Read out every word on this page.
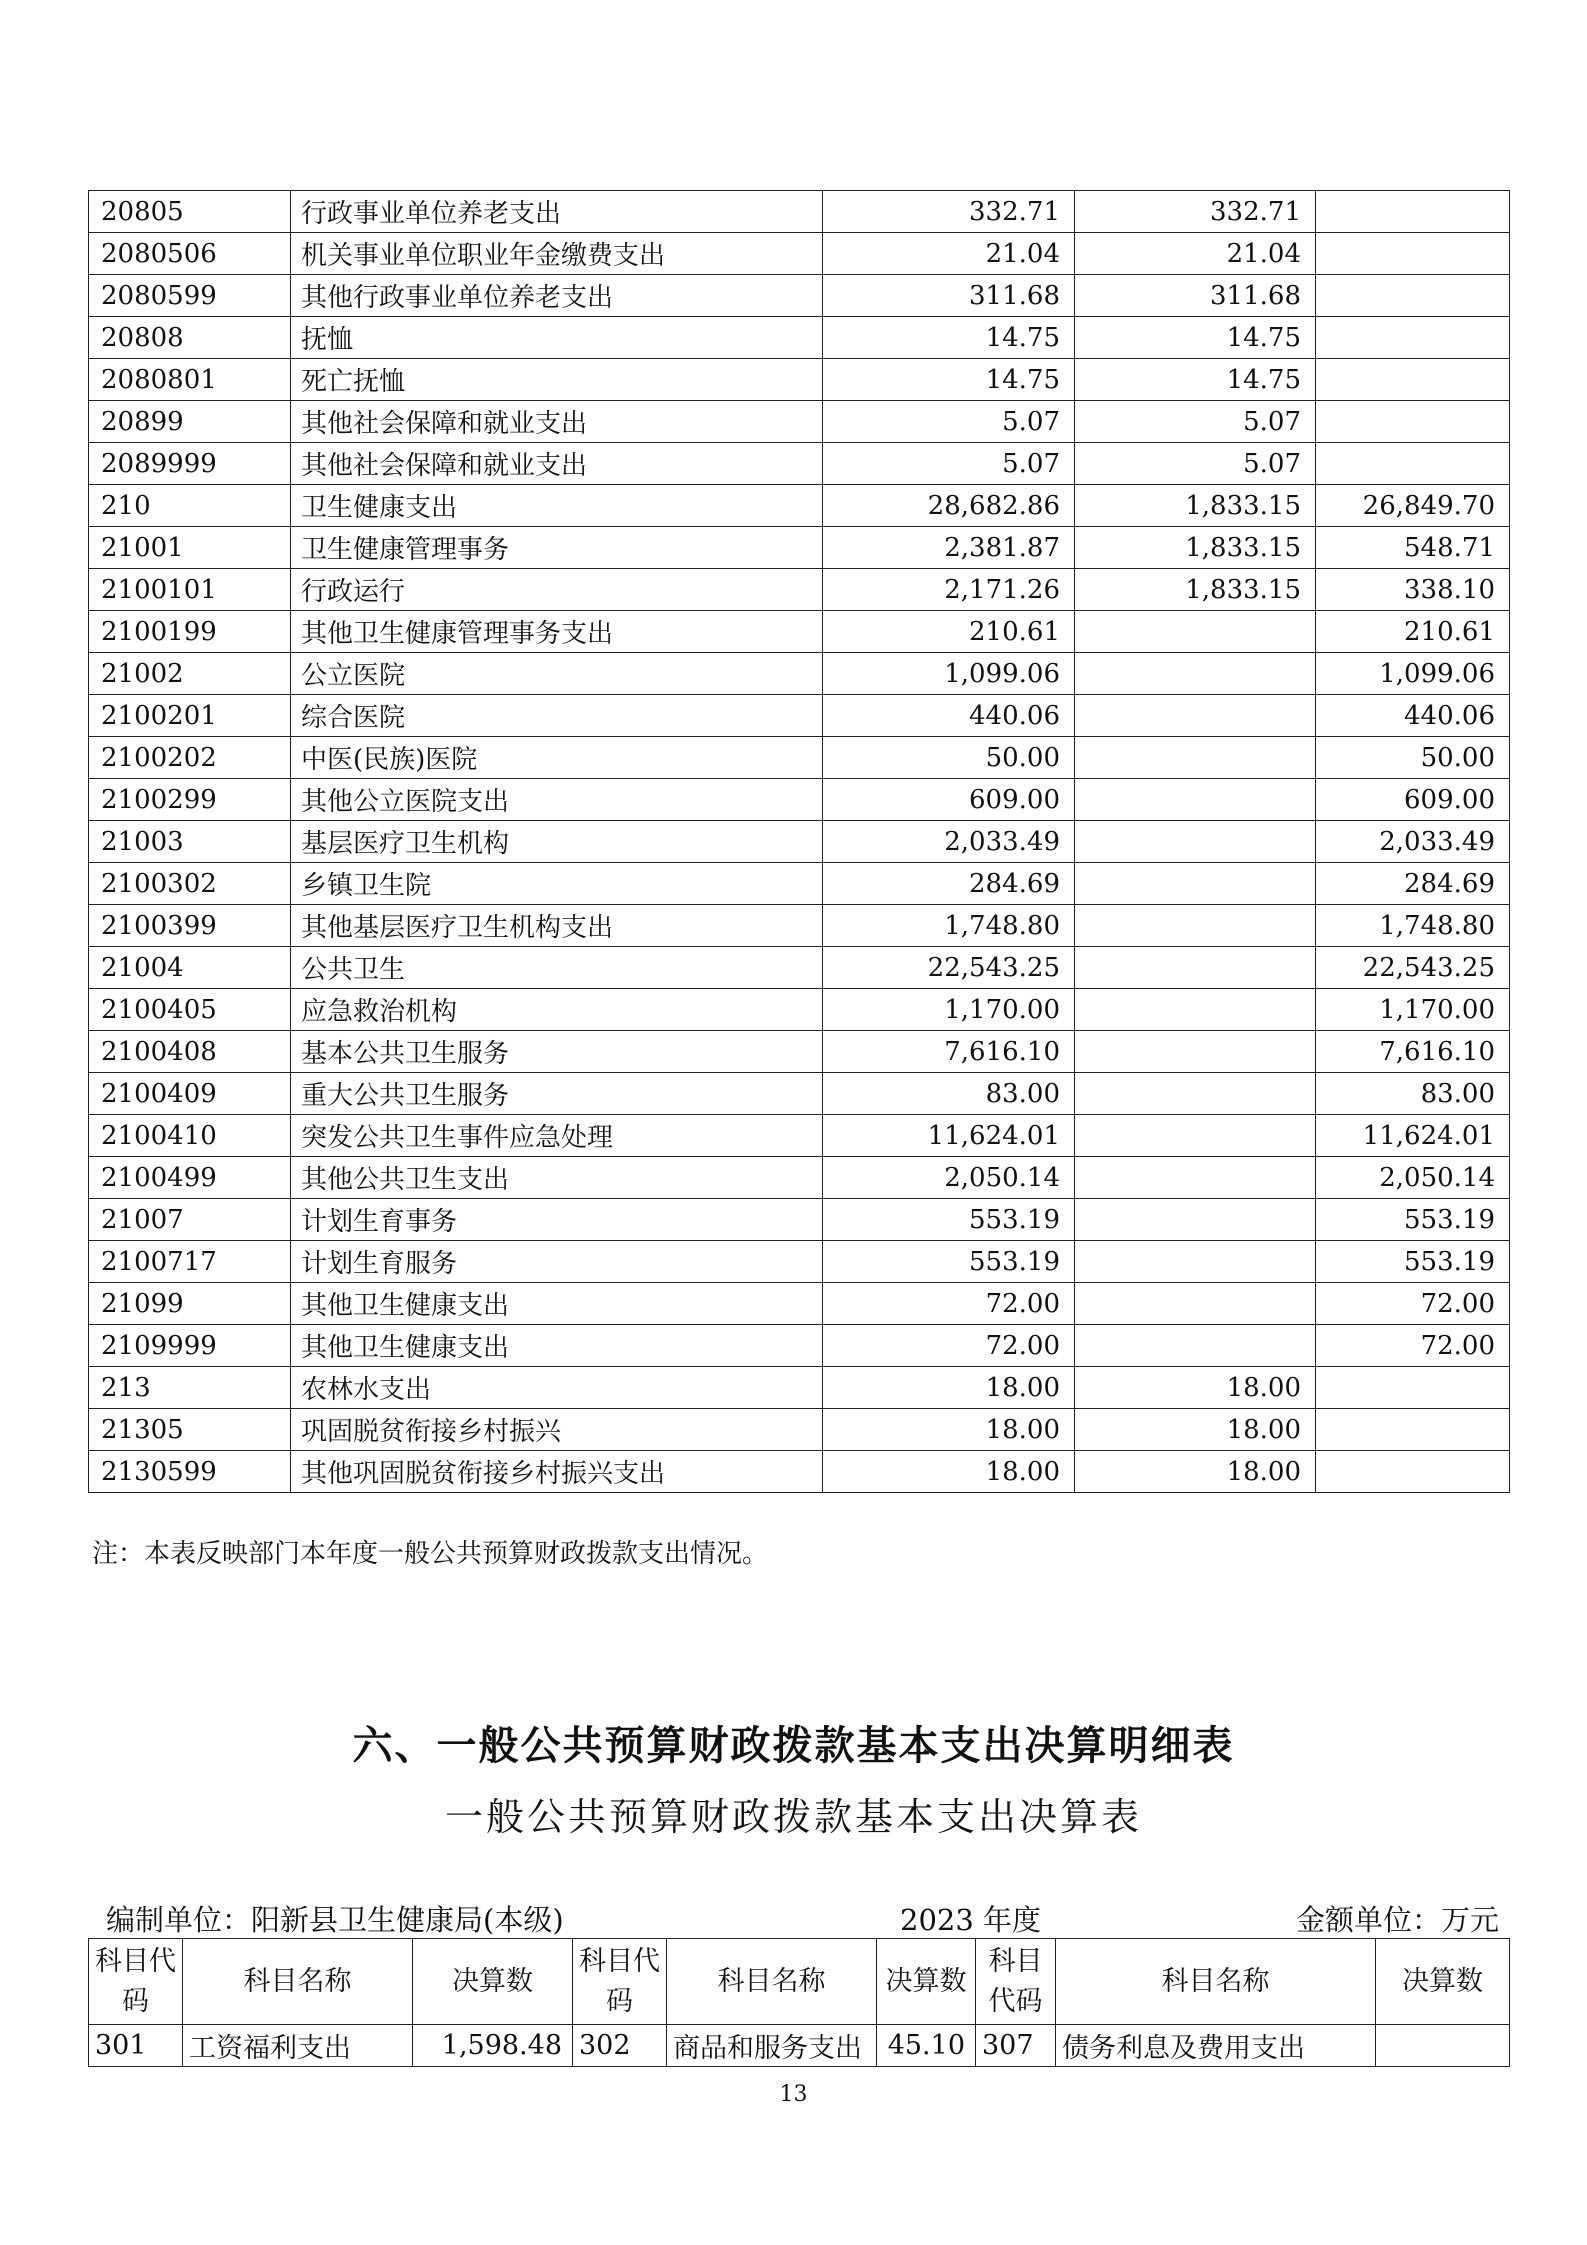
20805	行政事业单位养老支出	332.71	332.71	
2080506	机关事业单位职业年金缴费支出	21.04	21.04	
2080599	其他行政事业单位养老支出	311.68	311.68	
20808	抚恤	14.75	14.75	
2080801	死亡抚恤	14.75	14.75	
20899	其他社会保障和就业支出	5.07	5.07	
2089999	其他社会保障和就业支出	5.07	5.07	
210	卫生健康支出	28,682.86	1,833.15	26,849.70
21001	卫生健康管理事务	2,381.87	1,833.15	548.71
2100101	行政运行	2,171.26	1,833.15	338.10
2100199	其他卫生健康管理事务支出	210.61		210.61
21002	公立医院	1,099.06		1,099.06
2100201	综合医院	440.06		440.06
2100202	中医(民族)医院	50.00		50.00
2100299	其他公立医院支出	609.00		609.00
21003	基层医疗卫生机构	2,033.49		2,033.49
2100302	乡镇卫生院	284.69		284.69
2100399	其他基层医疗卫生机构支出	1,748.80		1,748.80
21004	公共卫生	22,543.25		22,543.25
2100405	应急救治机构	1,170.00		1,170.00
2100408	基本公共卫生服务	7,616.10		7,616.10
2100409	重大公共卫生服务	83.00		83.00
2100410	突发公共卫生事件应急处理	11,624.01		11,624.01
2100499	其他公共卫生支出	2,050.14		2,050.14
21007	计划生育事务	553.19		553.19
2100717	计划生育服务	553.19		553.19
21099	其他卫生健康支出	72.00		72.00
2109999	其他卫生健康支出	72.00		72.00
213	农林水支出	18.00	18.00	
21305	巩固脱贫衔接乡村振兴	18.00	18.00	
2130599	其他巩固脱贫衔接乡村振兴支出	18.00	18.00	
注：本表反映部门本年度一般公共预算财政拨款支出情况。
六、一般公共预算财政拨款基本支出决算明细表
一般公共预算财政拨款基本支出决算表
编制单位：阳新县卫生健康局(本级)	2023 年度	金额单位：万元
科目代码	科目名称	决算数	科目代码	科目名称	决算数	科目代码	科目名称	决算数
301	工资福利支出	1,598.48	302	商品和服务支出	45.10	307	债务利息及费用支出	
13
